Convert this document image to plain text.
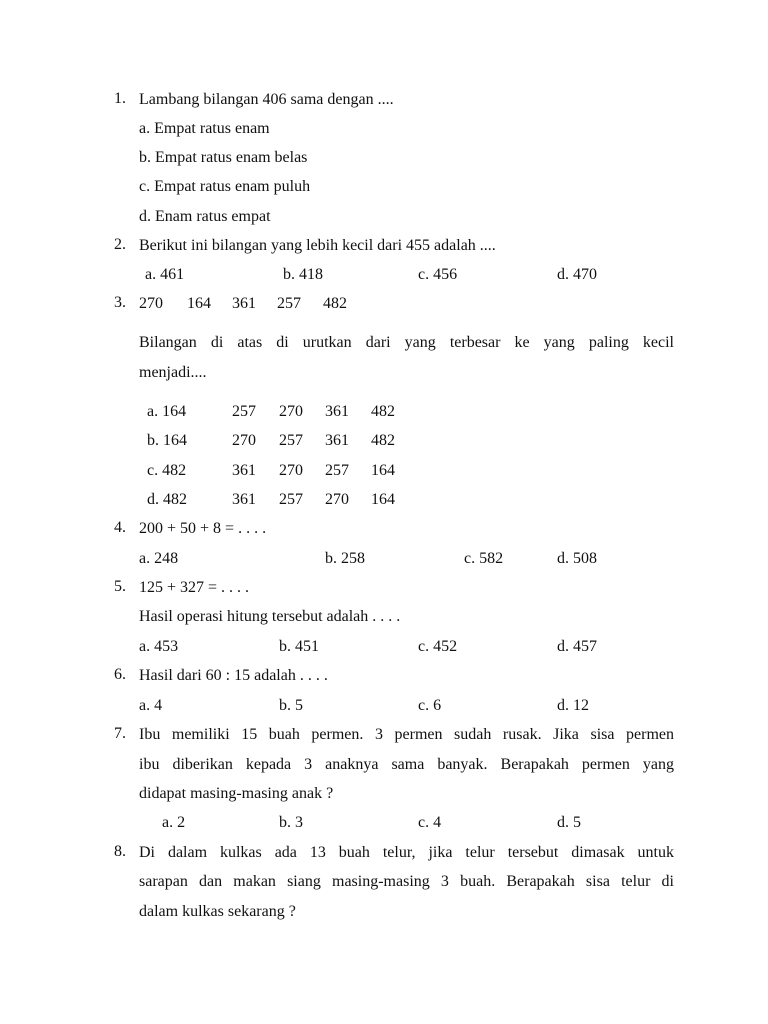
1. Lambang bilangan 406 sama dengan ....
a. Empat ratus enam
b. Empat ratus enam belas
c. Empat ratus enam puluh
d. Enam ratus empat
2. Berikut ini bilangan yang lebih kecil dari 455 adalah ....
a. 461	b. 418	c. 456	d. 470
3. 270 164 361 257 482
Bilangan di atas di urutkan dari yang terbesar ke yang paling kecil
menjadi....
a. 164	257 270 361 482
b. 164	270 257 361 482
c. 482	361 270 257 164
d. 482	361 257 270 164
4. 200 + 50 + 8 = . . . .
a. 248	b. 258	c. 582	d. 508
5. 125 + 327 = . . . .
Hasil operasi hitung tersebut adalah . . . .
a. 453	b. 451	c. 452	d. 457
6. Hasil dari 60 : 15 adalah . . . .
a. 4	b. 5	c. 6	d. 12
7. Ibu memiliki 15 buah permen. 3 permen sudah rusak. Jika sisa permen
ibu diberikan kepada 3 anaknya sama banyak. Berapakah permen yang
didapat masing-masing anak ?
a. 2	b. 3	c. 4	d. 5
8. Di dalam kulkas ada 13 buah telur, jika telur tersebut dimasak untuk
sarapan dan makan siang masing-masing 3 buah. Berapakah sisa telur di
dalam kulkas sekarang ?
